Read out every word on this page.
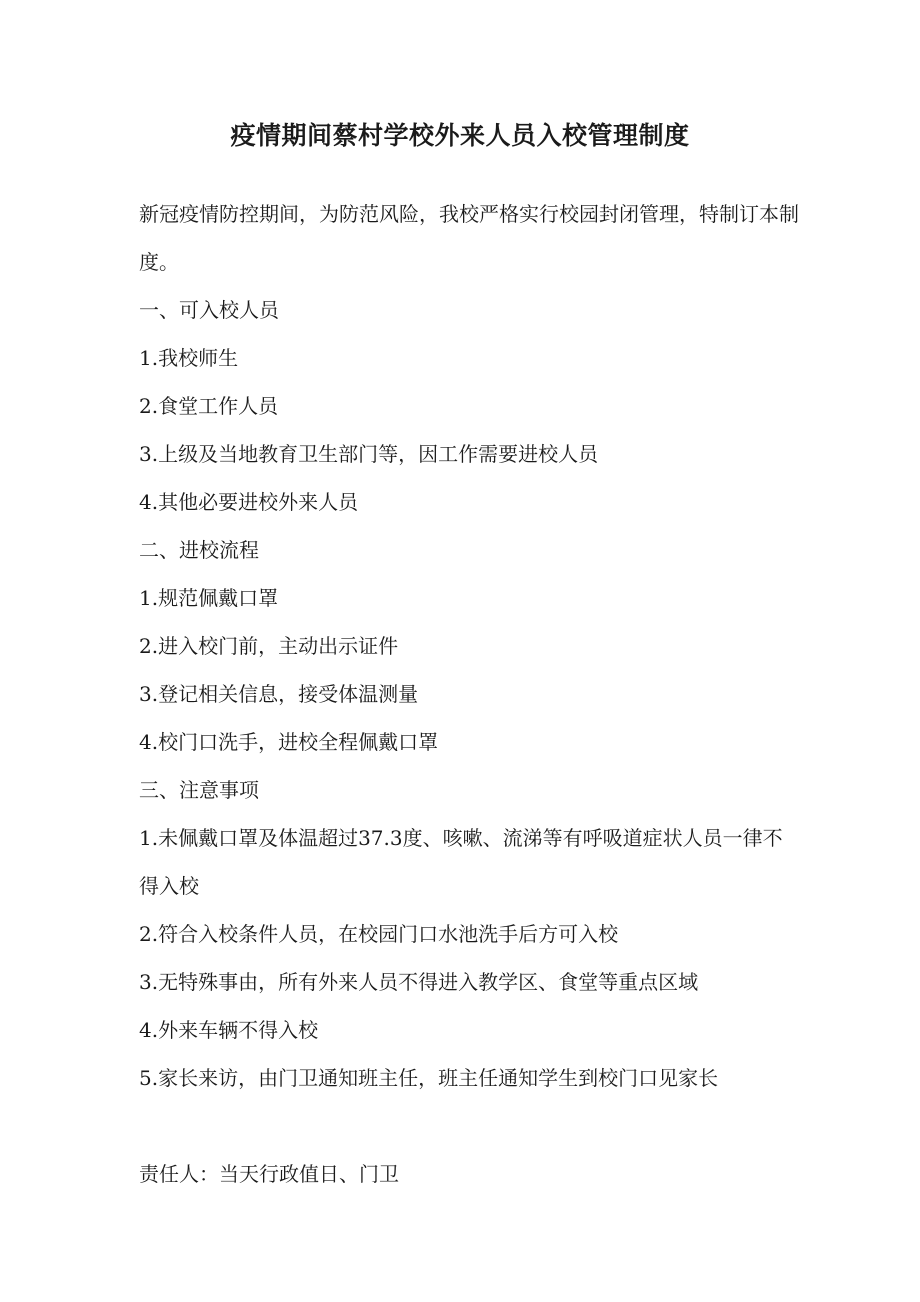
疫情期间蔡村学校外来人员入校管理制度
新冠疫情防控期间，为防范风险，我校严格实行校园封闭管理，特制订本制度。
一、可入校人员
1.我校师生
2.食堂工作人员
3.上级及当地教育卫生部门等，因工作需要进校人员
4.其他必要进校外来人员
二、进校流程
1.规范佩戴口罩
2.进入校门前，主动出示证件
3.登记相关信息，接受体温测量
4.校门口洗手，进校全程佩戴口罩
三、注意事项
1.未佩戴口罩及体温超过37.3度、咳嗽、流涕等有呼吸道症状人员一律不得入校
2.符合入校条件人员，在校园门口水池洗手后方可入校
3.无特殊事由，所有外来人员不得进入教学区、食堂等重点区域
4.外来车辆不得入校
5.家长来访，由门卫通知班主任，班主任通知学生到校门口见家长
责任人：当天行政值日、门卫
